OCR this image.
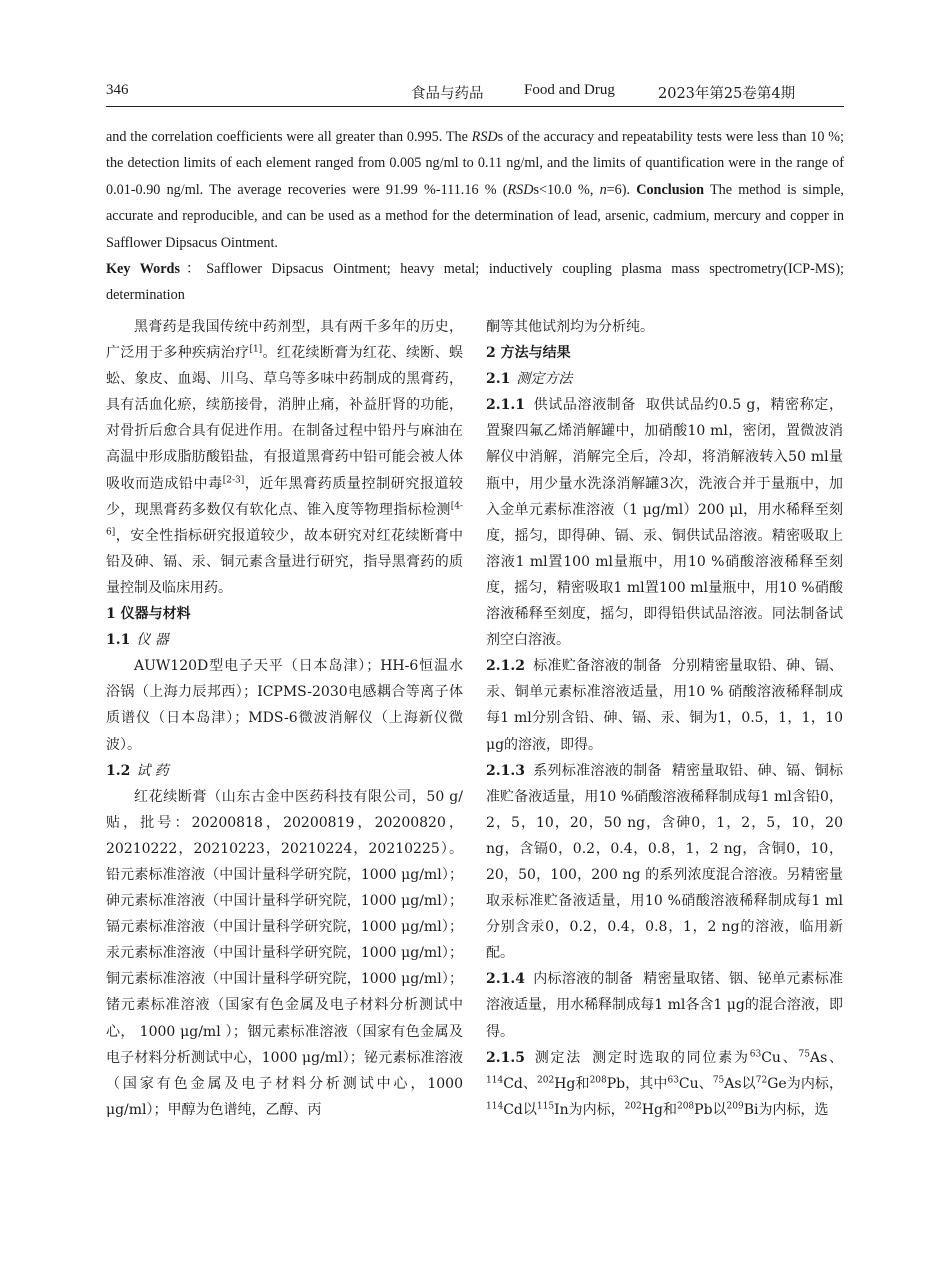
346	食品与药品	Food and Drug	2023年第25卷第4期
and the correlation coefficients were all greater than 0.995. The RSDs of the accuracy and repeatability tests were less than 10 %; the detection limits of each element ranged from 0.005 ng/ml to 0.11 ng/ml, and the limits of quantification were in the range of 0.01-0.90 ng/ml. The average recoveries were 91.99 %-111.16 % (RSDs<10.0 %, n=6). Conclusion The method is simple, accurate and reproducible, and can be used as a method for the determination of lead, arsenic, cadmium, mercury and copper in Safflower Dipsacus Ointment.
Key Words：Safflower Dipsacus Ointment; heavy metal; inductively coupling plasma mass spectrometry(ICP-MS); determination

黑膏药是我国传统中药剂型，具有两千多年的历史，广泛用于多种疾病治疗[1]。红花续断膏为红花、续断、蜈蚣、象皮、血竭、川乌、草乌等多味中药制成的黑膏药，具有活血化瘀，续筋接骨，消肿止痛，补益肝肾的功能，对骨折后愈合具有促进作用。在制备过程中铅丹与麻油在高温中形成脂肪酸铅盐，有报道黑膏药中铅可能会被人体吸收而造成铅中毒[2-3]，近年黑膏药质量控制研究报道较少，现黑膏药多数仅有软化点、锥入度等物理指标检测[4-6]，安全性指标研究报道较少，故本研究对红花续断膏中铅及砷、镉、汞、铜元素含量进行研究，指导黑膏药的质量控制及临床用药。

1 仪器与材料

1.1 仪 器

AUW120D型电子天平（日本岛津）；HH-6恒温水浴锅（上海力辰邦西）；ICPMS-2030电感耦合等离子体质谱仪（日本岛津）；MDS-6微波消解仪（上海新仪微波）。

1.2 试 药

红花续断膏（山东古金中医药科技有限公司，50 g/贴，批号：20200818，20200819，20200820，20210222，20210223，20210224，20210225）。铅元素标准溶液（中国计量科学研究院，1000 μg/ml）；砷元素标准溶液（中国计量科学研究院，1000 μg/ml）；镉元素标准溶液（中国计量科学研究院，1000 μg/ml）；汞元素标准溶液（中国计量科学研究院，1000 μg/ml）；铜元素标准溶液（中国计量科学研究院，1000 μg/ml）；锗元素标准溶液（国家有色金属及电子材料分析测试中心， 1000 μg/ml ）；铟元素标准溶液（国家有色金属及电子材料分析测试中心，1000 μg/ml）；铋元素标准溶液（国家有色金属及电子材料分析测试中心，1000 μg/ml）；甲醇为色谱纯，乙醇、丙

酮等其他试剂均为分析纯。

2 方法与结果

2.1 测定方法

2.1.1 供试品溶液制备 取供试品约0.5 g，精密称定，置聚四氟乙烯消解罐中，加硝酸10 ml，密闭，置微波消解仪中消解，消解完全后，冷却，将消解液转入50 ml量瓶中，用少量水洗涤消解罐3次，洗液合并于量瓶中，加入金单元素标准溶液（1 μg/ml）200 μl，用水稀释至刻度，摇匀，即得砷、镉、汞、铜供试品溶液。精密吸取上溶液1 ml置100 ml量瓶中，用10 %硝酸溶液稀释至刻度，摇匀，精密吸取1 ml置100 ml量瓶中，用10 %硝酸溶液稀释至刻度，摇匀，即得铅供试品溶液。同法制备试剂空白溶液。

2.1.2 标准贮备溶液的制备 分别精密量取铅、砷、镉、汞、铜单元素标准溶液适量，用10 % 硝酸溶液稀释制成每1 ml分别含铅、砷、镉、汞、铜为1，0.5，1，1，10 μg的溶液，即得。

2.1.3 系列标准溶液的制备 精密量取铅、砷、镉、铜标准贮备液适量，用10 %硝酸溶液稀释制成每1 ml含铅0，2，5，10，20，50 ng，含砷0，1，2，5，10，20 ng，含镉0，0.2，0.4，0.8，1，2 ng，含铜0，10，20，50，100，200 ng 的系列浓度混合溶液。另精密量取汞标准贮备液适量，用10 %硝酸溶液稀释制成每1 ml分别含汞0，0.2，0.4，0.8，1，2 ng的溶液，临用新配。

2.1.4 内标溶液的制备 精密量取锗、铟、铋单元素标准溶液适量，用水稀释制成每1 ml各含1 μg的混合溶液，即得。

2.1.5 测定法 测定时选取的同位素为$^{63}$Cu、$^{75}$As、$^{114}$Cd、$^{202}$Hg和$^{208}$Pb，其中$^{63}$Cu、$^{75}$As以$^{72}$Ge为内标，$^{114}$Cd以$^{115}$In为内标，$^{202}$Hg和$^{208}$Pb以$^{209}$Bi为内标，选
